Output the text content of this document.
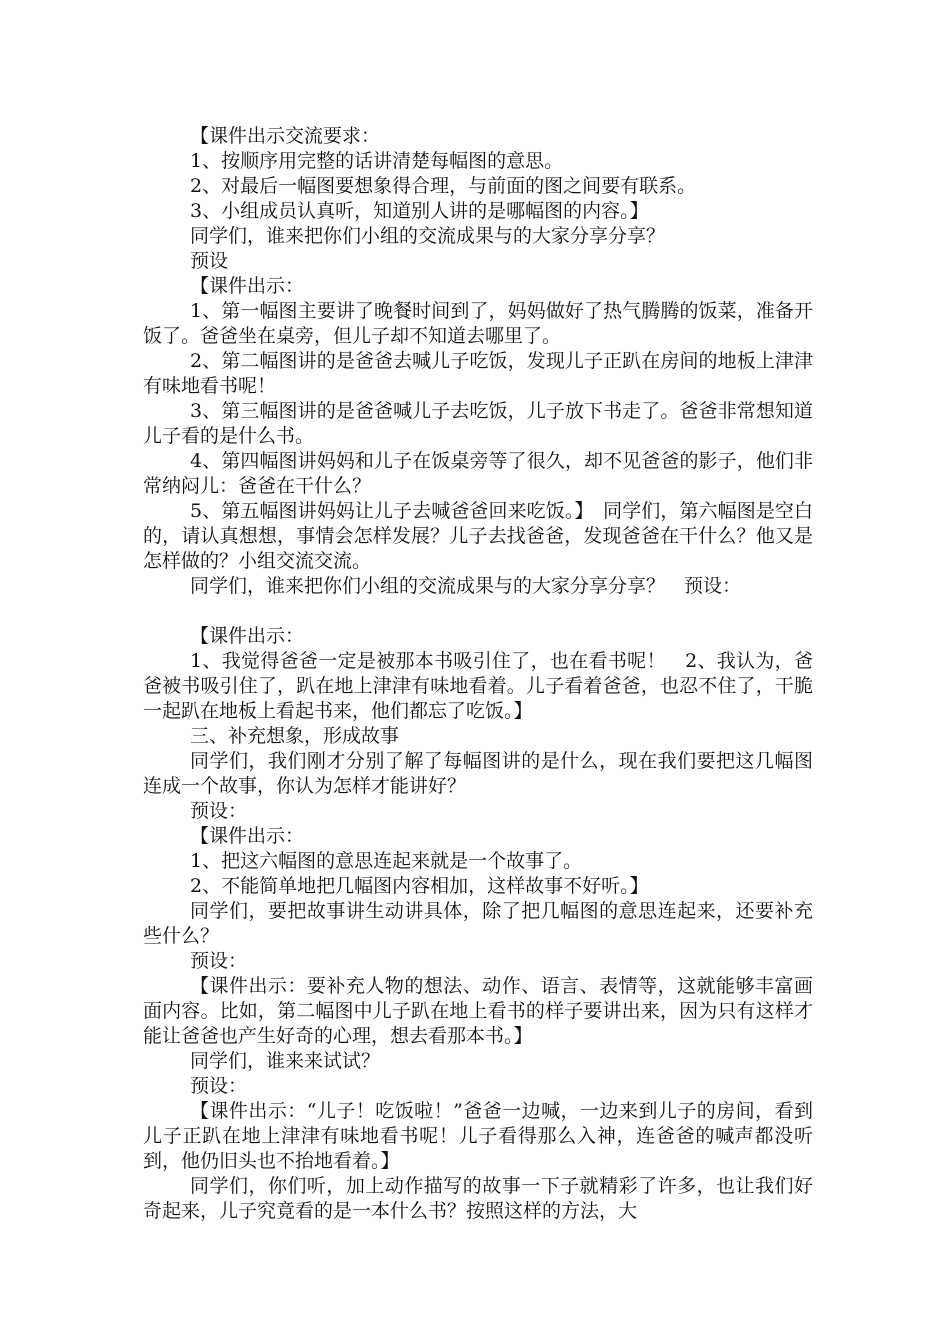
【课件出示交流要求：

1、按顺序用完整的话讲清楚每幅图的意思。

2、对最后一幅图要想象得合理，与前面的图之间要有联系。

3、小组成员认真听，知道别人讲的是哪幅图的内容。】

同学们，谁来把你们小组的交流成果与的大家分享分享？

预设

【课件出示：

1、第一幅图主要讲了晚餐时间到了，妈妈做好了热气腾腾的饭菜，准备开饭了。爸爸坐在桌旁，但儿子却不知道去哪里了。

2、第二幅图讲的是爸爸去喊儿子吃饭，发现儿子正趴在房间的地板上津津有味地看书呢！

3、第三幅图讲的是爸爸喊儿子去吃饭，儿子放下书走了。爸爸非常想知道儿子看的是什么书。

4、第四幅图讲妈妈和儿子在饭桌旁等了很久，却不见爸爸的影子，他们非常纳闷儿：爸爸在干什么？

5、第五幅图讲妈妈让儿子去喊爸爸回来吃饭。】　同学们，第六幅图是空白的，请认真想想，事情会怎样发展？儿子去找爸爸，发现爸爸在干什么？他又是怎样做的？小组交流交流。

同学们，谁来把你们小组的交流成果与的大家分享分享？　预设：

【课件出示：

1、我觉得爸爸一定是被那本书吸引住了，也在看书呢！　2、我认为，爸爸被书吸引住了，趴在地上津津有味地看着。儿子看着爸爸，也忍不住了，干脆一起趴在地板上看起书来，他们都忘了吃饭。】

三、补充想象，形成故事

同学们，我们刚才分别了解了每幅图讲的是什么，现在我们要把这几幅图连成一个故事，你认为怎样才能讲好？

预设：

【课件出示：

1、把这六幅图的意思连起来就是一个故事了。

2、不能简单地把几幅图内容相加，这样故事不好听。】

同学们，要把故事讲生动讲具体，除了把几幅图的意思连起来，还要补充些什么？

预设：

【课件出示：要补充人物的想法、动作、语言、表情等，这就能够丰富画面内容。比如，第二幅图中儿子趴在地上看书的样子要讲出来，因为只有这样才能让爸爸也产生好奇的心理，想去看那本书。】

同学们，谁来来试试？

预设：

【课件出示：“儿子！吃饭啦！”爸爸一边喊，一边来到儿子的房间，看到儿子正趴在地上津津有味地看书呢！儿子看得那么入神，连爸爸的喊声都没听到，他仍旧头也不抬地看着。】

同学们，你们听，加上动作描写的故事一下子就精彩了许多，也让我们好奇起来，儿子究竟看的是一本什么书？按照这样的方法，大
